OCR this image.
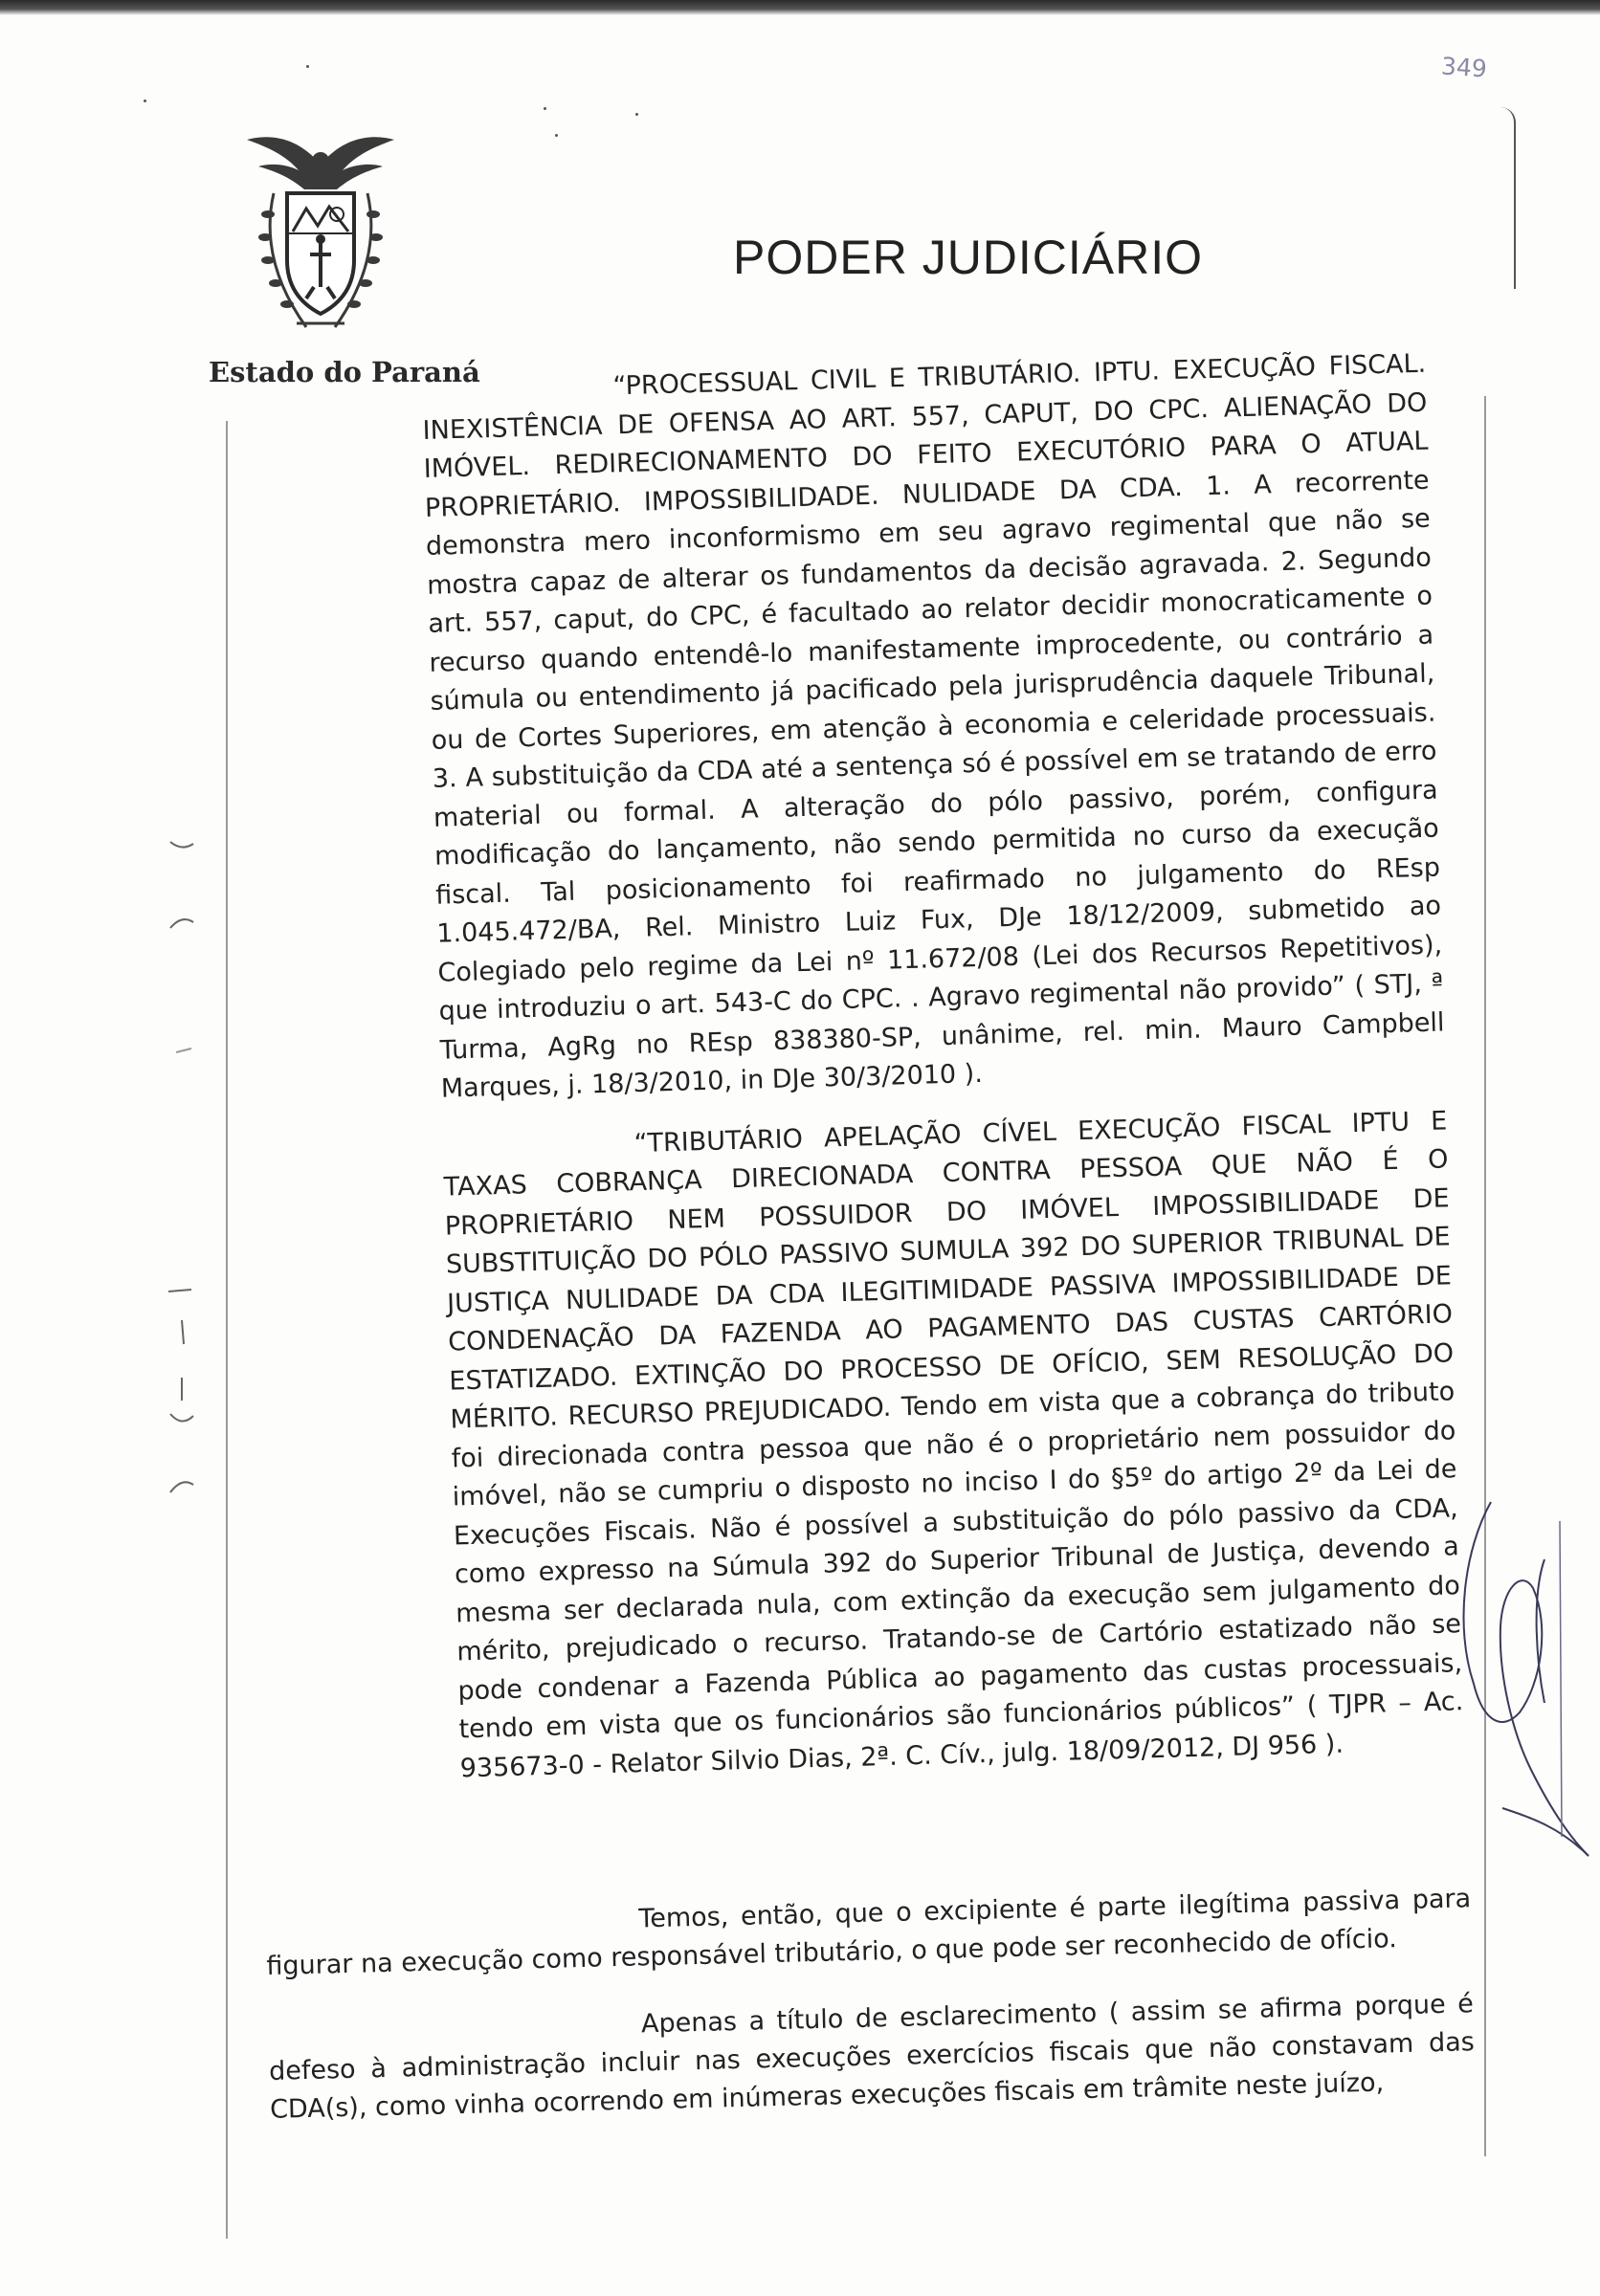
Estado do Paraná
PODER JUDICIÁRIO
349

“PROCESSUAL CIVIL E TRIBUTÁRIO. IPTU. EXECUÇÃO FISCAL. INEXISTÊNCIA DE OFENSA AO ART. 557, CAPUT, DO CPC. ALIENAÇÃO DO IMÓVEL. REDIRECIONAMENTO DO FEITO EXECUTÓRIO PARA O ATUAL PROPRIETÁRIO. IMPOSSIBILIDADE. NULIDADE DA CDA. 1. A recorrente demonstra mero inconformismo em seu agravo regimental que não se mostra capaz de alterar os fundamentos da decisão agravada. 2. Segundo art. 557, caput, do CPC, é facultado ao relator decidir monocraticamente o recurso quando entendê-lo manifestamente improcedente, ou contrário a súmula ou entendimento já pacificado pela jurisprudência daquele Tribunal, ou de Cortes Superiores, em atenção à economia e celeridade processuais. 3. A substituição da CDA até a sentença só é possível em se tratando de erro material ou formal. A alteração do pólo passivo, porém, configura modificação do lançamento, não sendo permitida no curso da execução fiscal. Tal posicionamento foi reafirmado no julgamento do REsp 1.045.472/BA, Rel. Ministro Luiz Fux, DJe 18/12/2009, submetido ao Colegiado pelo regime da Lei nº 11.672/08 (Lei dos Recursos Repetitivos), que introduziu o art. 543-C do CPC. . Agravo regimental não provido” ( STJ, ª Turma, AgRg no REsp 838380-SP, unânime, rel. min. Mauro Campbell Marques, j. 18/3/2010, in DJe 30/3/2010 ).

“TRIBUTÁRIO APELAÇÃO CÍVEL EXECUÇÃO FISCAL IPTU E TAXAS COBRANÇA DIRECIONADA CONTRA PESSOA QUE NÃO É O PROPRIETÁRIO NEM POSSUIDOR DO IMÓVEL IMPOSSIBILIDADE DE SUBSTITUIÇÃO DO PÓLO PASSIVO SUMULA 392 DO SUPERIOR TRIBUNAL DE JUSTIÇA NULIDADE DA CDA ILEGITIMIDADE PASSIVA IMPOSSIBILIDADE DE CONDENAÇÃO DA FAZENDA AO PAGAMENTO DAS CUSTAS CARTÓRIO ESTATIZADO. EXTINÇÃO DO PROCESSO DE OFÍCIO, SEM RESOLUÇÃO DO MÉRITO. RECURSO PREJUDICADO. Tendo em vista que a cobrança do tributo foi direcionada contra pessoa que não é o proprietário nem possuidor do imóvel, não se cumpriu o disposto no inciso I do §5º do artigo 2º da Lei de Execuções Fiscais. Não é possível a substituição do pólo passivo da CDA, como expresso na Súmula 392 do Superior Tribunal de Justiça, devendo a mesma ser declarada nula, com extinção da execução sem julgamento do mérito, prejudicado o recurso. Tratando-se de Cartório estatizado não se pode condenar a Fazenda Pública ao pagamento das custas processuais, tendo em vista que os funcionários são funcionários públicos” ( TJPR – Ac. 935673-0 - Relator Silvio Dias, 2ª. C. Cív., julg. 18/09/2012, DJ 956 ).

Temos, então, que o excipiente é parte ilegítima passiva para figurar na execução como responsável tributário, o que pode ser reconhecido de ofício.

Apenas a título de esclarecimento ( assim se afirma porque é defeso à administração incluir nas execuções exercícios fiscais que não constavam das CDA(s), como vinha ocorrendo em inúmeras execuções fiscais em trâmite neste juízo,
